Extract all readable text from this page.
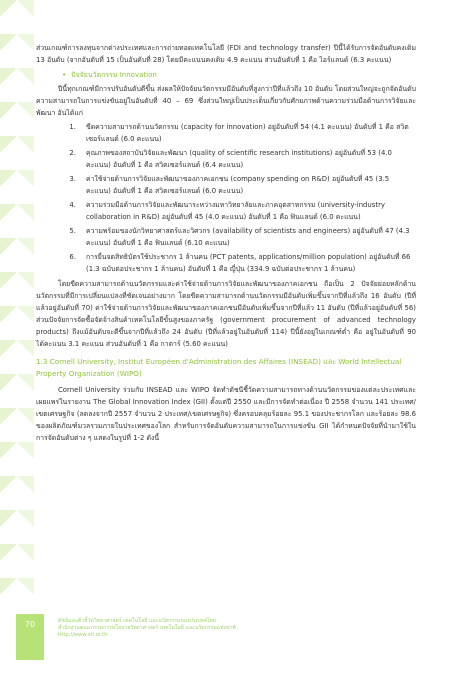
ส่วนเกณฑ์การลงทุนจากต่างประเทศและการถ่ายทอดเทคโนโลยี (FDI and technology transfer) ปีนี้ได้รับการจัดอันดับคงเดิม 13 อันดับ (จากอันดับที่ 15 เป็นอันดับที่ 28) โดยมีคะแนนคงเดิม 4.9 คะแนน ส่วนอันดับที่ 1 คือ ไอร์แลนด์ (6.3 คะแนน)

• ปัจจัยนวัตกรรม Innovation

ปีนี้ทุกเกณฑ์มีการปรับอันดับดีขึ้น ส่งผลให้ปัจจัยนวัตกรรมมีอันดับที่สูงกว่าปีที่แล้วถึง 10 อันดับ โดยส่วนใหญ่จะถูกจัดอันดับความสามารถในการแข่งขันอยู่ในอันดับที่ 40 – 69 ซึ่งส่วนใหญ่เป็นประเด็นเกี่ยวกับศักยภาพด้านความร่วมมือด้านการวิจัยและพัฒนา อันได้แก่

1.	ขีดความสามารถด้านนวัตกรรม (capacity for innovation) อยู่อันดับที่ 54 (4.1 คะแนน) อันดับที่ 1 คือ สวิตเซอร์แลนด์ (6.0 คะแนน)
2.	คุณภาพของสถาบันวิจัยและพัฒนา (quality of scientific research institutions) อยู่อันดับที่ 53 (4.0 คะแนน) อันดับที่ 1 คือ สวิตเซอร์แลนด์ (6.4 คะแนน)
3.	ค่าใช้จ่ายด้านการวิจัยและพัฒนาของภาคเอกชน (company spending on R&D) อยู่อันดับที่ 45 (3.5 คะแนน) อันดับที่ 1 คือ สวิตเซอร์แลนด์ (6.0 คะแนน)
4.	ความร่วมมือด้านการวิจัยและพัฒนาระหว่างมหาวิทยาลัยและภาคอุตสาหกรรม (university-industry collaboration in R&D) อยู่อันดับที่ 45 (4.0 คะแนน) อันดับที่ 1 คือ ฟินแลนด์ (6.0 คะแนน)
5.	ความพร้อมของนักวิทยาศาสตร์และวิศวกร (availability of scientists and engineers) อยู่อันดับที่ 47 (4.3 คะแนน) อันดับที่ 1 คือ ฟินแลนด์ (6.10 คะแนน)
6.	การยื่นจดสิทธิบัตรใช้ประชากร 1 ล้านคน (PCT patents, applications/million population) อยู่อันดับที่ 66 (1.3 ฉบับต่อประชากร 1 ล้านคน) อันดับที่ 1 คือ ญี่ปุ่น (334.9 ฉบับต่อประชากร 1 ล้านคน)

โดยขีดความสามารถด้านนวัตกรรมและค่าใช้จ่ายด้านการวิจัยและพัฒนาของภาคเอกชน ถือเป็น 2 ปัจจัยย่อยหลักด้านนวัตกรรมที่มีการเปลี่ยนแปลงที่ชัดเจนอย่างมาก โดยขีดความสามารถด้านนวัตกรรมมีอันดับเพิ่มขึ้นจากปีที่แล้วถึง 16 อันดับ (ปีที่แล้วอยู่อันดับที่ 70) ค่าใช้จ่ายด้านการวิจัยและพัฒนาของภาคเอกชนมีอันดับเพิ่มขึ้นจากปีที่แล้ว 11 อันดับ (ปีที่แล้วอยู่อันดับที่ 56) ส่วนปัจจัยการจัดซื้อจัดจ้างสินค้าเทคโนโลยีขั้นสูงของภาครัฐ (government procurement of advanced technology products) ถึงแม้อันดับจะดีขึ้นจากปีที่แล้วถึง 24 อันดับ (ปีที่แล้วอยู่ในอันดับที่ 114) ปีนี้ยังอยู่ในเกณฑ์ต่ำ คือ อยู่ในอันดับที่ 90 ได้คะแนน 3.1 คะแนน ส่วนอันดับที่ 1 คือ กาตาร์ (5.60 คะแนน)

1.3 Cornell University, Institut Européen d'Administration des Affaires (INSEAD) และ World Intellectual Property Organization (WIPO)

Cornell University ร่วมกับ INSEAD และ WIPO จัดทำดัชนีชี้วัดความสามารถทางด้านนวัตกรรมของแต่ละประเทศและเผยแพร่ในรายงาน The Global Innovation Index (GII) ตั้งแต่ปี 2550 และมีการจัดทำต่อเนื่อง ปี 2558 จำนวน 141 ประเทศ/เขตเศรษฐกิจ (ลดลงจากปี 2557 จำนวน 2 ประเทศ/เขตเศรษฐกิจ) ซึ่งครอบคลุมร้อยละ 95.1 ของประชากรโลก และร้อยละ 98.6 ของผลิตภัณฑ์มวลรวมภายในประเทศของโลก สำหรับการจัดอันดับความสามารถในการแข่งขัน GII ได้กำหนดปัจจัยที่นำมาใช้ในการจัดอันดับต่าง ๆ แสดงในรูปที่ 1-2 ดังนี้

70	ดัชนีและตัวชี้วัดวิทยาศาสตร์ เทคโนโลยี และนวัตกรรมของประเทศไทย
สำนักงานคณะกรรมการนโยบายวิทยาศาสตร์ เทคโนโลยี และนวัตกรรมแห่งชาติ
http://www.sti.or.th
